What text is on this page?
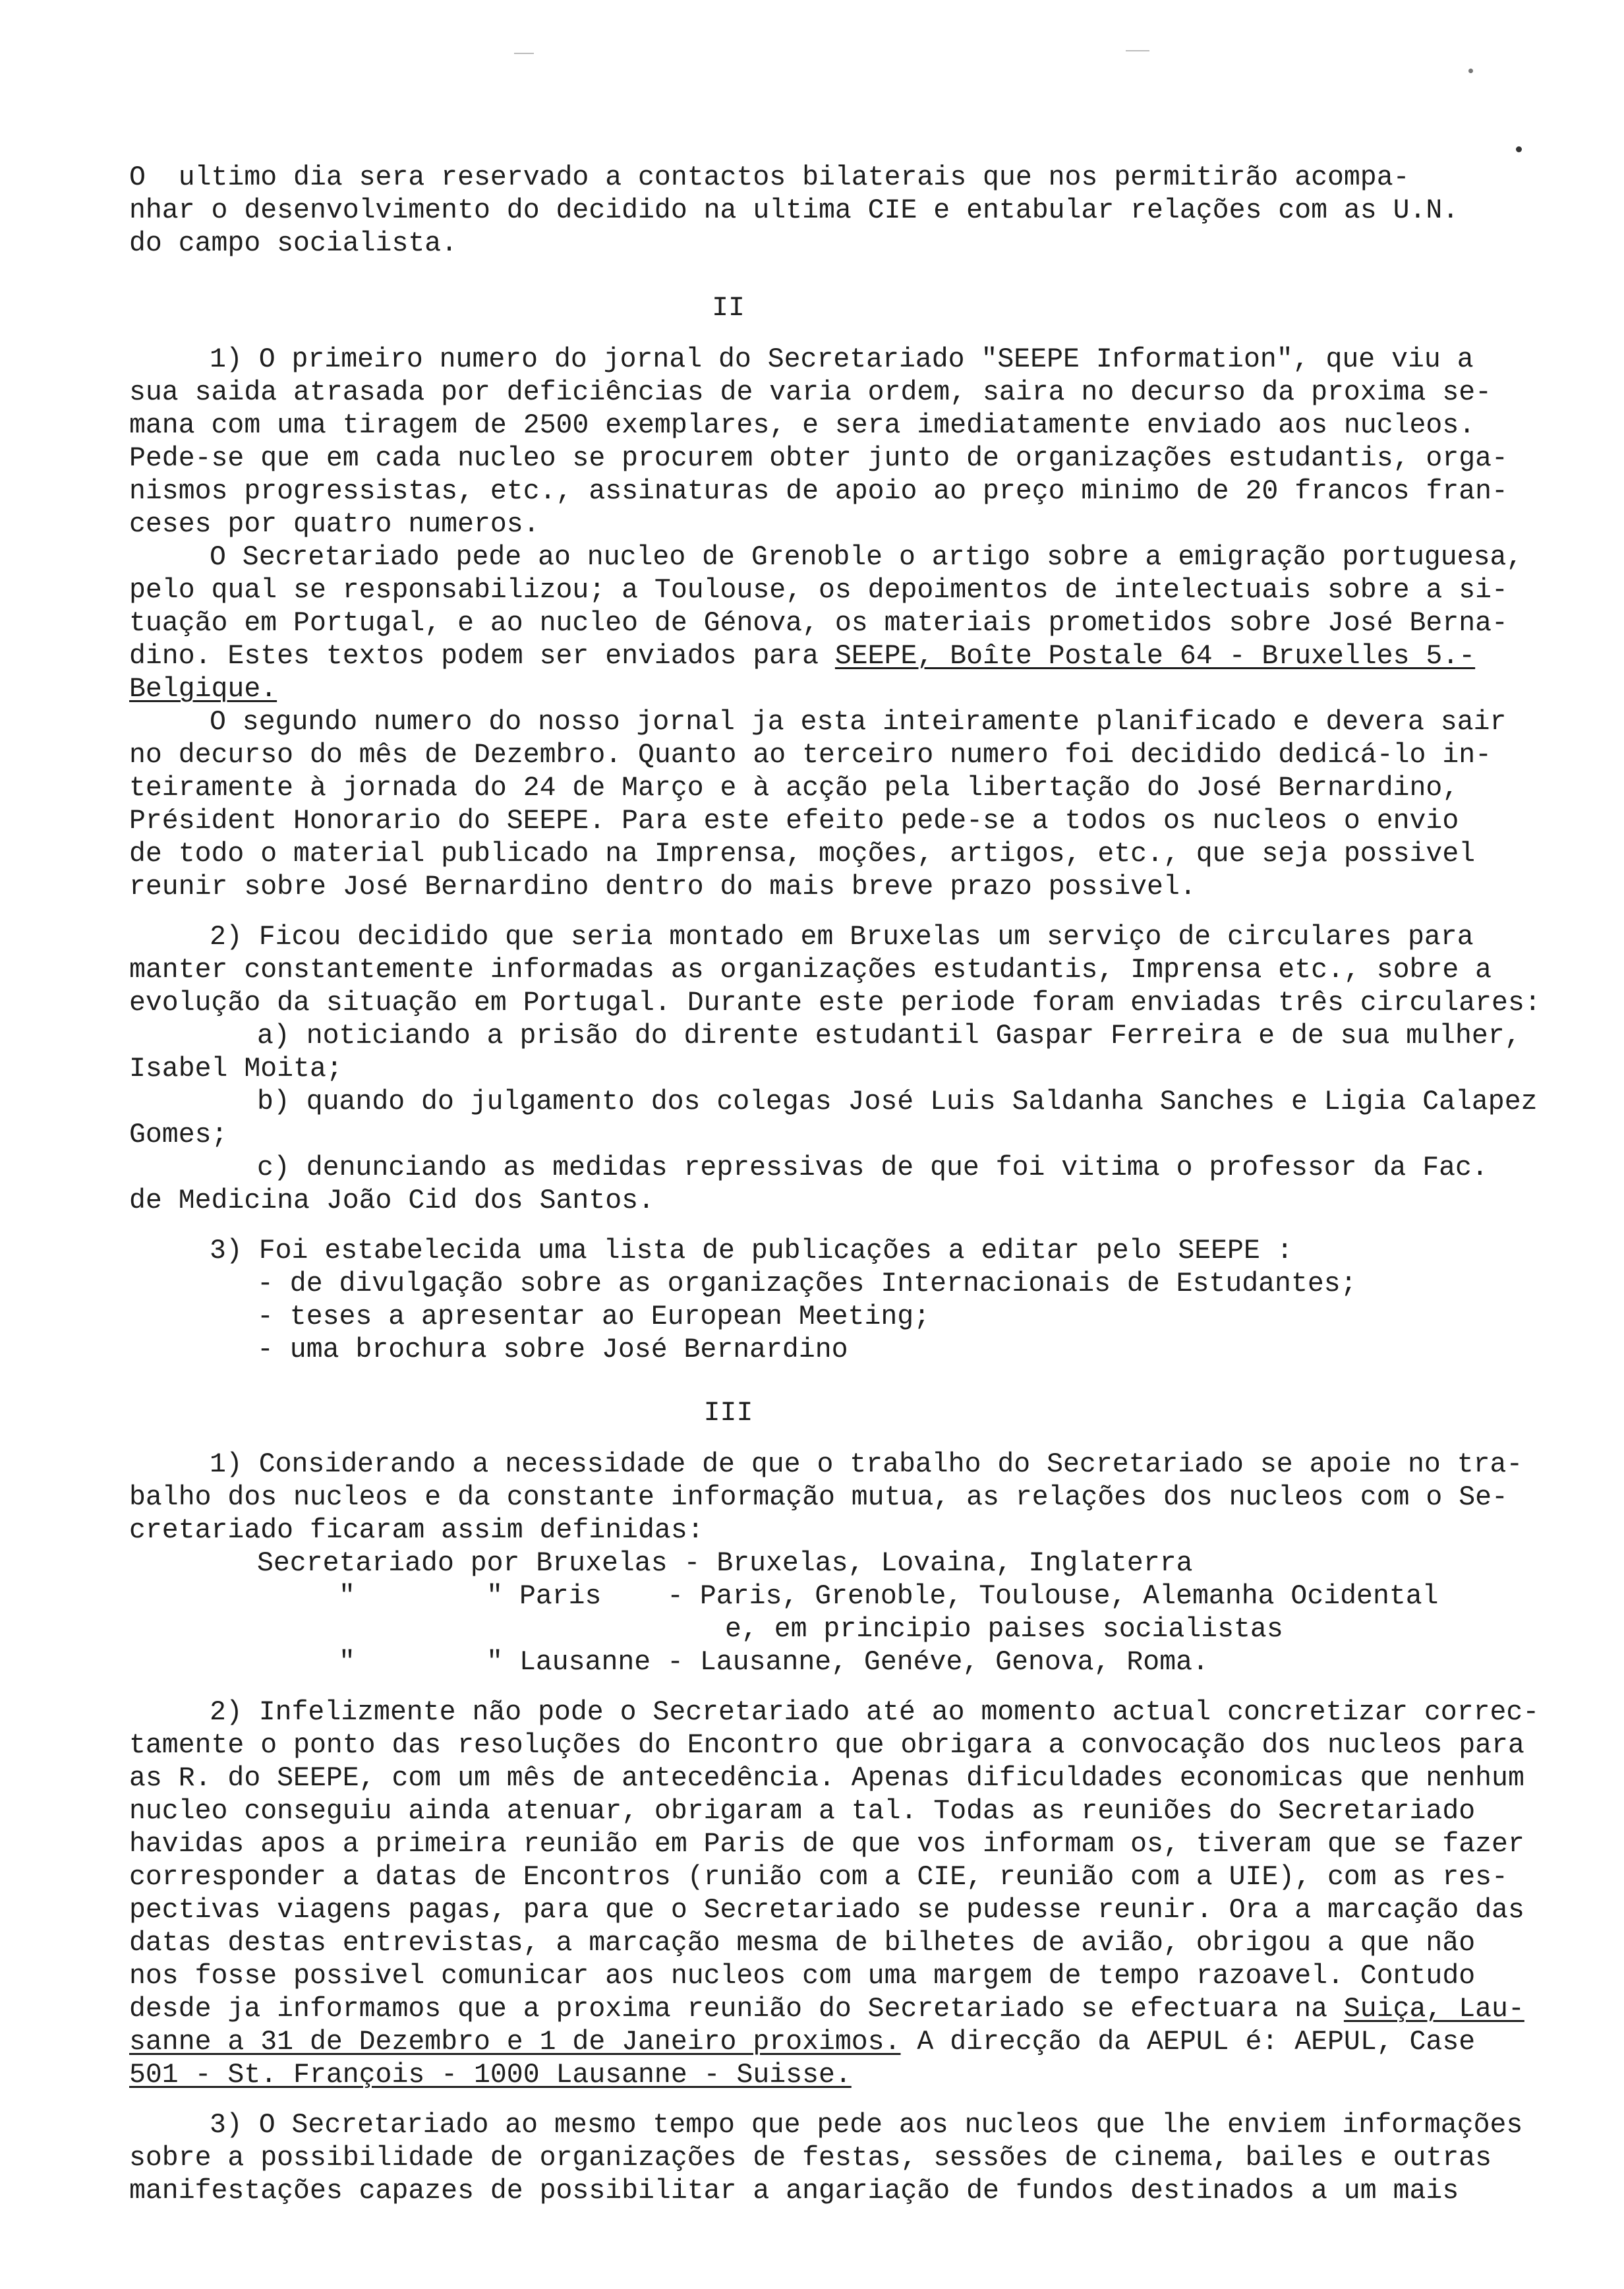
O  ultimo dia sera reservado a contactos bilaterais que nos permitirão acompa-
nhar o desenvolvimento do decidido na ultima CIE e entabular relações com as U.N.
do campo socialista.
II
1) O primeiro numero do jornal do Secretariado "SEEPE Information", que viu a
sua saida atrasada por deficiências de varia ordem, saira no decurso da proxima se-
mana com uma tiragem de 2500 exemplares, e sera imediatamente enviado aos nucleos.
Pede-se que em cada nucleo se procurem obter junto de organizações estudantis, orga-
nismos progressistas, etc., assinaturas de apoio ao preço minimo de 20 francos fran-
ceses por quatro numeros.
O Secretariado pede ao nucleo de Grenoble o artigo sobre a emigração portuguesa,
pelo qual se responsabilizou; a Toulouse, os depoimentos de intelectuais sobre a si-
tuação em Portugal, e ao nucleo de Génova, os materiais prometidos sobre José Berna-
dino. Estes textos podem ser enviados para SEEPE, Boîte Postale 64 - Bruxelles 5.-
Belgique.
O segundo numero do nosso jornal ja esta inteiramente planificado e devera sair
no decurso do mês de Dezembro. Quanto ao terceiro numero foi decidido dedicá-lo in-
teiramente à jornada do 24 de Março e à acção pela libertação do José Bernardino,
Président Honorario do SEEPE. Para este efeito pede-se a todos os nucleos o envio
de todo o material publicado na Imprensa, moções, artigos, etc., que seja possivel
reunir sobre José Bernardino dentro do mais breve prazo possivel.
2) Ficou decidido que seria montado em Bruxelas um serviço de circulares para
manter constantemente informadas as organizações estudantis, Imprensa etc., sobre a
evolução da situação em Portugal. Durante este periode foram enviadas três circulares:
a) noticiando a prisão do dirente estudantil Gaspar Ferreira e de sua mulher,
Isabel Moita;
b) quando do julgamento dos colegas José Luis Saldanha Sanches e Ligia Calapez
Gomes;
c) denunciando as medidas repressivas de que foi vitima o professor da Fac.
de Medicina João Cid dos Santos.
3) Foi estabelecida uma lista de publicações a editar pelo SEEPE :
- de divulgação sobre as organizações Internacionais de Estudantes;
- teses a apresentar ao European Meeting;
- uma brochura sobre José Bernardino
III
1) Considerando a necessidade de que o trabalho do Secretariado se apoie no tra-
balho dos nucleos e da constante informação mutua, as relações dos nucleos com o Se-
cretariado ficaram assim definidas:
Secretariado por Bruxelas - Bruxelas, Lovaina, Inglaterra
"        " Paris    - Paris, Grenoble, Toulouse, Alemanha Ocidental
e, em principio paises socialistas
"        " Lausanne - Lausanne, Genéve, Genova, Roma.
2) Infelizmente não pode o Secretariado até ao momento actual concretizar correc-
tamente o ponto das resoluções do Encontro que obrigara a convocação dos nucleos para
as R. do SEEPE, com um mês de antecedência. Apenas dificuldades economicas que nenhum
nucleo conseguiu ainda atenuar, obrigaram a tal. Todas as reuniões do Secretariado
havidas apos a primeira reunião em Paris de que vos informam os, tiveram que se fazer
corresponder a datas de Encontros (runião com a CIE, reunião com a UIE), com as res-
pectivas viagens pagas, para que o Secretariado se pudesse reunir. Ora a marcação das
datas destas entrevistas, a marcação mesma de bilhetes de avião, obrigou a que não
nos fosse possivel comunicar aos nucleos com uma margem de tempo razoavel. Contudo
desde ja informamos que a proxima reunião do Secretariado se efectuara na Suiça, Lau-
sanne a 31 de Dezembro e 1 de Janeiro proximos. A direcção da AEPUL é: AEPUL, Case
501 - St. François - 1000 Lausanne - Suisse.
3) O Secretariado ao mesmo tempo que pede aos nucleos que lhe enviem informações
sobre a possibilidade de organizações de festas, sessões de cinema, bailes e outras
manifestações capazes de possibilitar a angariação de fundos destinados a um mais
